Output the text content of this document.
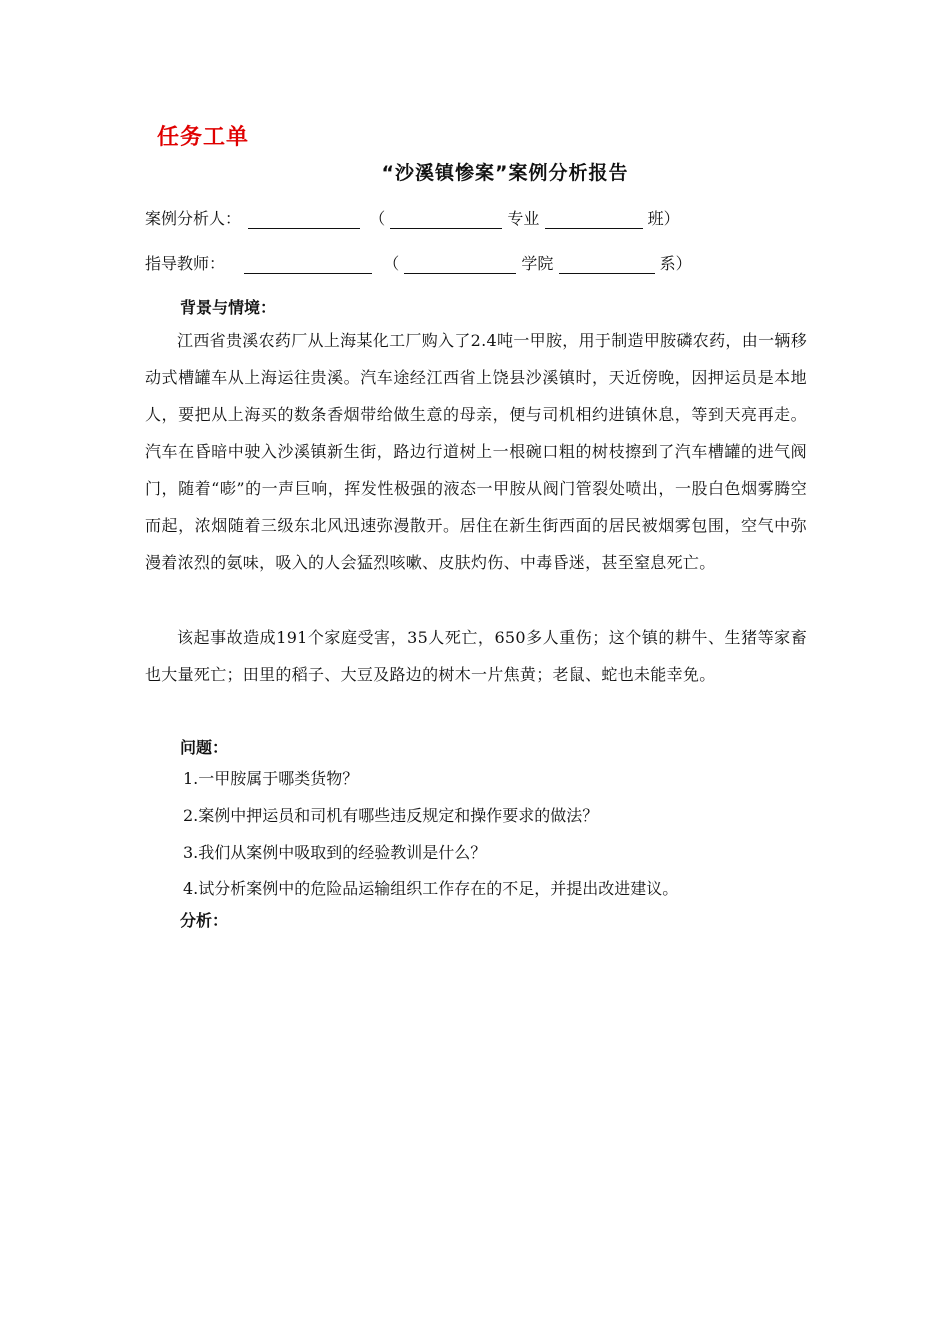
任务工单
“沙溪镇惨案”案例分析报告
案例分析人：	（	专业	班）
指导教师：	（	学院	系）
背景与情境：

江西省贵溪农药厂从上海某化工厂购入了2.4吨一甲胺，用于制造甲胺磷农药，由一辆移动式槽罐车从上海运往贵溪。汽车途经江西省上饶县沙溪镇时，天近傍晚，因押运员是本地人，要把从上海买的数条香烟带给做生意的母亲，便与司机相约进镇休息，等到天亮再走。汽车在昏暗中驶入沙溪镇新生街，路边行道树上一根碗口粗的树枝擦到了汽车槽罐的进气阀门，随着“嘭”的一声巨响，挥发性极强的液态一甲胺从阀门管裂处喷出，一股白色烟雾腾空而起，浓烟随着三级东北风迅速弥漫散开。居住在新生街西面的居民被烟雾包围，空气中弥漫着浓烈的氨味，吸入的人会猛烈咳嗽、皮肤灼伤、中毒昏迷，甚至窒息死亡。

该起事故造成191个家庭受害，35人死亡，650多人重伤；这个镇的耕牛、生猪等家畜也大量死亡；田里的稻子、大豆及路边的树木一片焦黄；老鼠、蛇也未能幸免。

问题：
1.一甲胺属于哪类货物？
2.案例中押运员和司机有哪些违反规定和操作要求的做法？
3.我们从案例中吸取到的经验教训是什么？
4.试分析案例中的危险品运输组织工作存在的不足，并提出改进建议。
分析：
